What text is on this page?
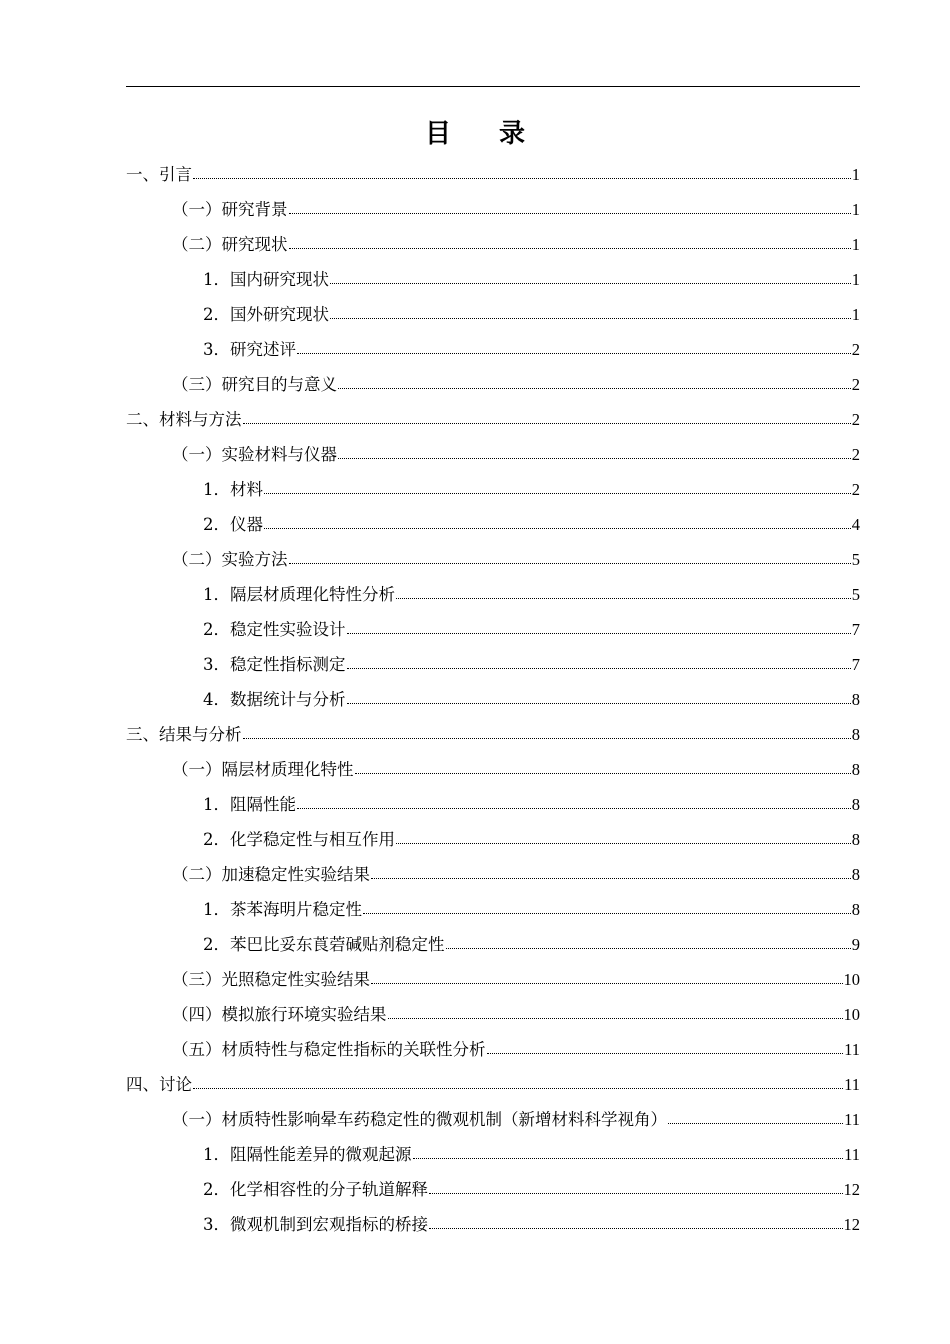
目 录
一、引言	1
（一）研究背景	1
（二）研究现状	1
1．国内研究现状	1
2．国外研究现状	1
3．研究述评	2
（三）研究目的与意义	2
二、材料与方法	2
（一）实验材料与仪器	2
1．材料	2
2．仪器	4
（二）实验方法	5
1．隔层材质理化特性分析	5
2．稳定性实验设计	7
3．稳定性指标测定	7
4．数据统计与分析	8
三、结果与分析	8
（一）隔层材质理化特性	8
1．阻隔性能	8
2．化学稳定性与相互作用	8
（二）加速稳定性实验结果	8
1．茶苯海明片稳定性	8
2．苯巴比妥东莨菪碱贴剂稳定性	9
（三）光照稳定性实验结果	10
（四）模拟旅行环境实验结果	10
（五）材质特性与稳定性指标的关联性分析	11
四、讨论	11
（一）材质特性影响晕车药稳定性的微观机制（新增材料科学视角）	11
1．阻隔性能差异的微观起源	11
2．化学相容性的分子轨道解释	12
3．微观机制到宏观指标的桥接	12
